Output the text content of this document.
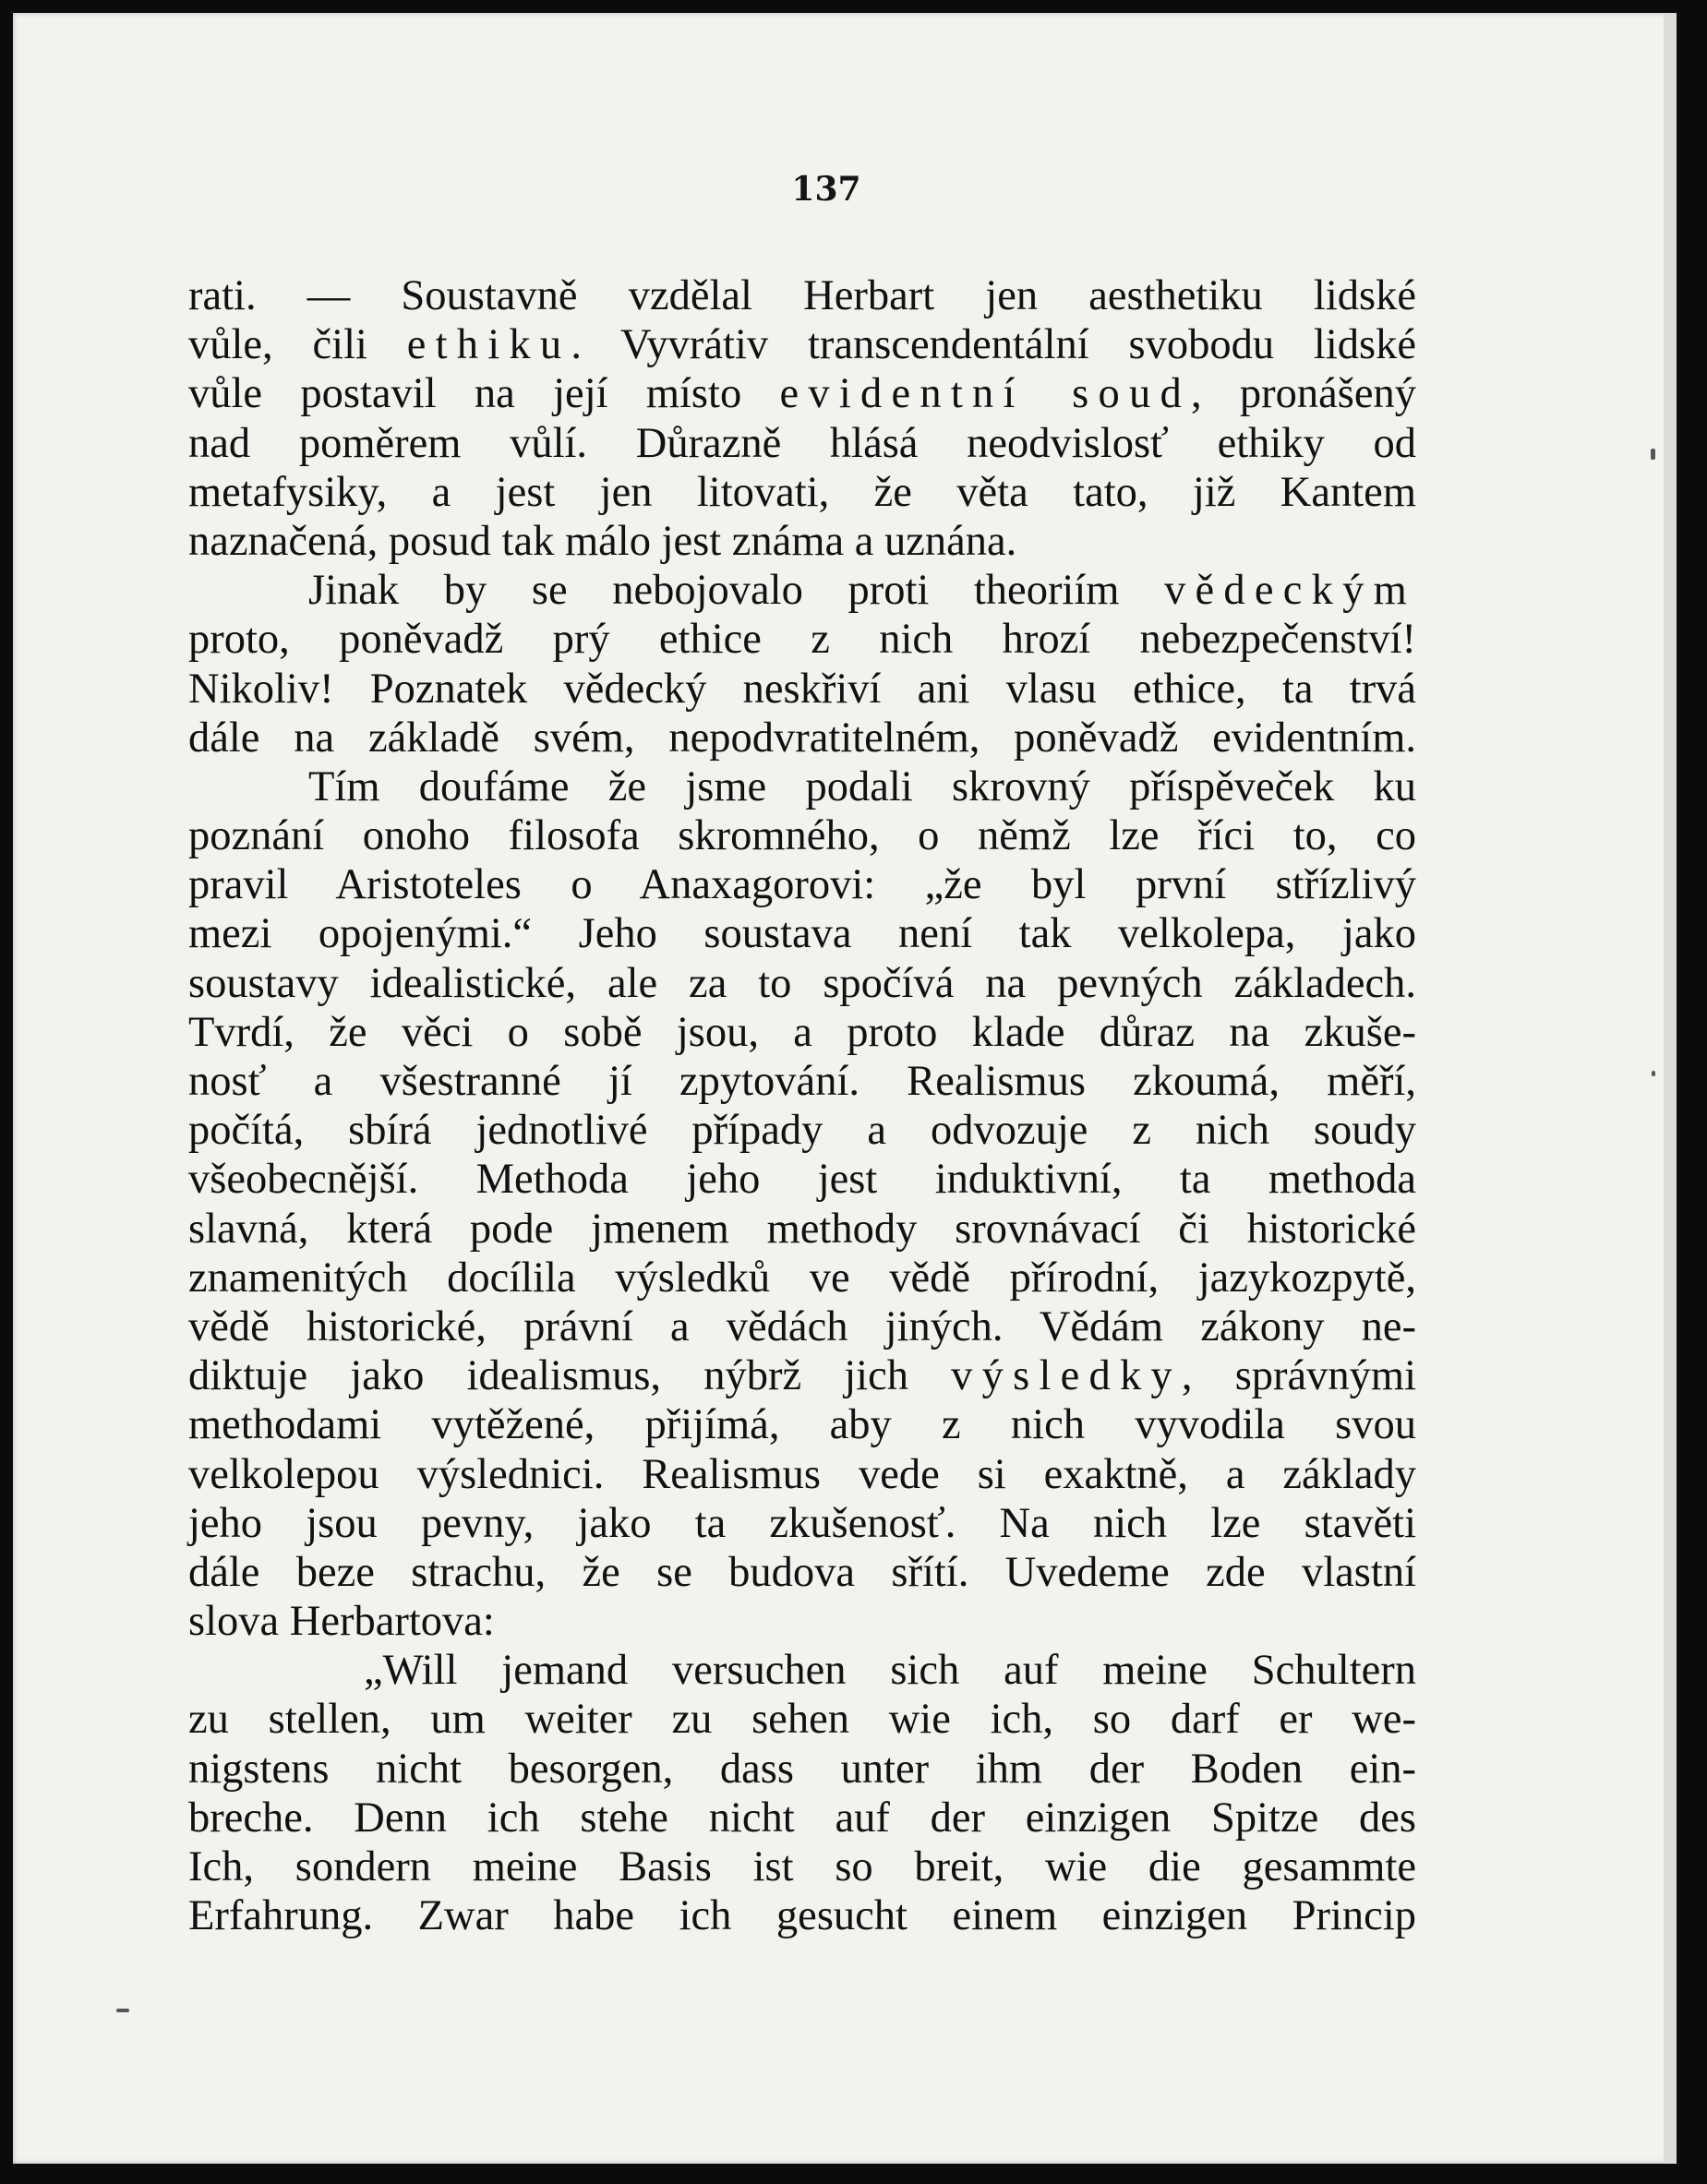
137
rati. — Soustavně vzdělal Herbart jen aesthetiku lidské
vůle, čili ethiku. Vyvrátiv transcendentální svobodu lidské
vůle postavil na její místo evidentní soud, pronášený
nad poměrem vůlí. Důrazně hlásá neodvislosť ethiky od
metafysiky, a jest jen litovati, že věta tato, již Kantem
naznačená, posud tak málo jest známa a uznána.
Jinak by se nebojovalo proti theoriím vědeckým
proto, poněvadž prý ethice z nich hrozí nebezpečenství!
Nikoliv! Poznatek vědecký neskřiví ani vlasu ethice, ta trvá
dále na základě svém, nepodvratitelném, poněvadž evidentním.
Tím doufáme že jsme podali skrovný příspěveček ku
poznání onoho filosofa skromného, o němž lze říci to, co
pravil Aristoteles o Anaxagorovi: „že byl první střízlivý
mezi opojenými.“ Jeho soustava není tak velkolepa, jako
soustavy idealistické, ale za to spočívá na pevných základech.
Tvrdí, že věci o sobě jsou, a proto klade důraz na zkuše-
nosť a všestranné jí zpytování. Realismus zkoumá, měří,
počítá, sbírá jednotlivé případy a odvozuje z nich soudy
všeobecnější. Methoda jeho jest induktivní, ta methoda
slavná, která pode jmenem methody srovnávací či historické
znamenitých docílila výsledků ve vědě přírodní, jazykozpytě,
vědě historické, právní a vědách jiných. Vědám zákony ne-
diktuje jako idealismus, nýbrž jich výsledky, správnými
methodami vytěžené, přijímá, aby z nich vyvodila svou
velkolepou výslednici. Realismus vede si exaktně, a základy
jeho jsou pevny, jako ta zkušenosť. Na nich lze stavěti
dále beze strachu, že se budova sřítí. Uvedeme zde vlastní
slova Herbartova:
„Will jemand versuchen sich auf meine Schultern
zu stellen, um weiter zu sehen wie ich, so darf er we-
nigstens nicht besorgen, dass unter ihm der Boden ein-
breche. Denn ich stehe nicht auf der einzigen Spitze des
Ich, sondern meine Basis ist so breit, wie die gesammte
Erfahrung. Zwar habe ich gesucht einem einzigen Princip
